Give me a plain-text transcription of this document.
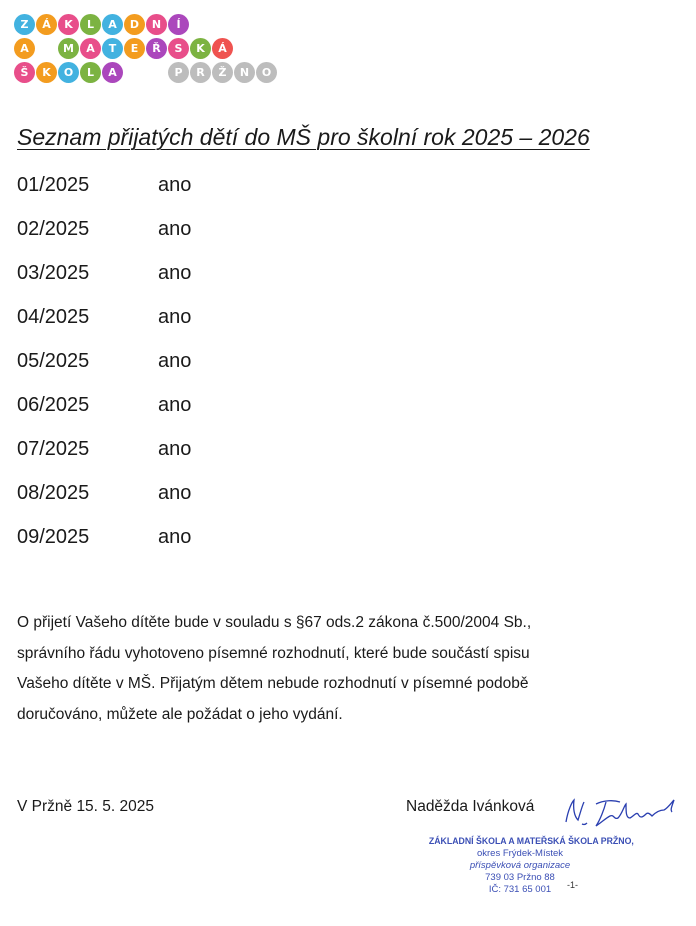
Z	Á	K	L	A	D	N	Í
A	M	A	T	E	Ř	S	K	Á
Š	K	O	L	A	P	R	Ž	N	O
Seznam přijatých dětí do MŠ pro školní rok 2025 – 2026
01/2025	ano
02/2025	ano
03/2025	ano
04/2025	ano
05/2025	ano
06/2025	ano
07/2025	ano
08/2025	ano
09/2025	ano

O přijetí Vašeho dítěte bude v souladu s §67 ods.2 zákona č.500/2004 Sb.,

správního řádu vyhotoveno písemné rozhodnutí, které bude součástí spisu

Vašeho dítěte v MŠ. Přijatým dětem nebude rozhodnutí v písemné podobě

doručováno, můžete ale požádat o jeho vydání.

V Pržně 15. 5. 2025	Naděžda Ivánková
ZÁKLADNÍ ŠKOLA A MATEŘSKÁ ŠKOLA PRŽNO,
okres Frýdek-Místek
příspěvková organizace
739 03 Pržno 88
IČ: 731 65 001	-1-
